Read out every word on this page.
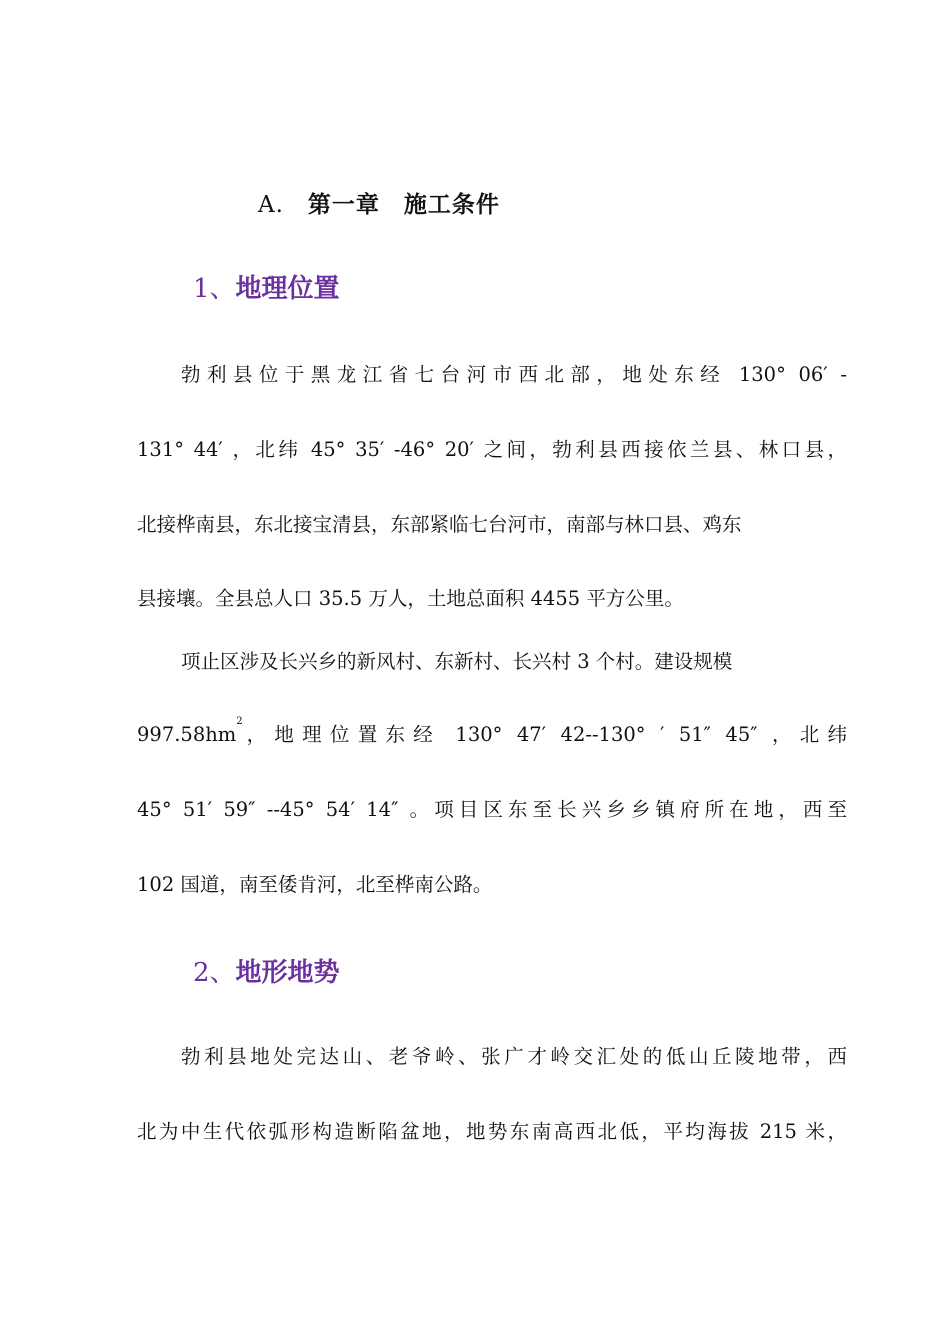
A. 第一章　施工条件
1、地理位置
勃利县位于黑龙江省七台河市西北部，地处东经 130° 06′ -
131° 44′ ，北纬 45° 35′ -46° 20′ 之间，勃利县西接依兰县、林口县，
北接桦南县，东北接宝清县，东部紧临七台河市，南部与林口县、鸡东
县接壤。全县总人口 35.5 万人，土地总面积 4455 平方公里。
项止区涉及长兴乡的新风村、东新村、长兴村 3 个村。建设规模
997.58hm
2
，地理位置东经 130° 47′ 42--130° ′ 51″ 45″ ，北纬
45° 51′ 59″ --45° 54′ 14″ 。项目区东至长兴乡乡镇府所在地，西至
102 国道，南至倭肯河，北至桦南公路。
2、地形地势
勃利县地处完达山、老爷岭、张广才岭交汇处的低山丘陵地带，西
北为中生代依弧形构造断陷盆地，地势东南高西北低，平均海拔 215 米，
